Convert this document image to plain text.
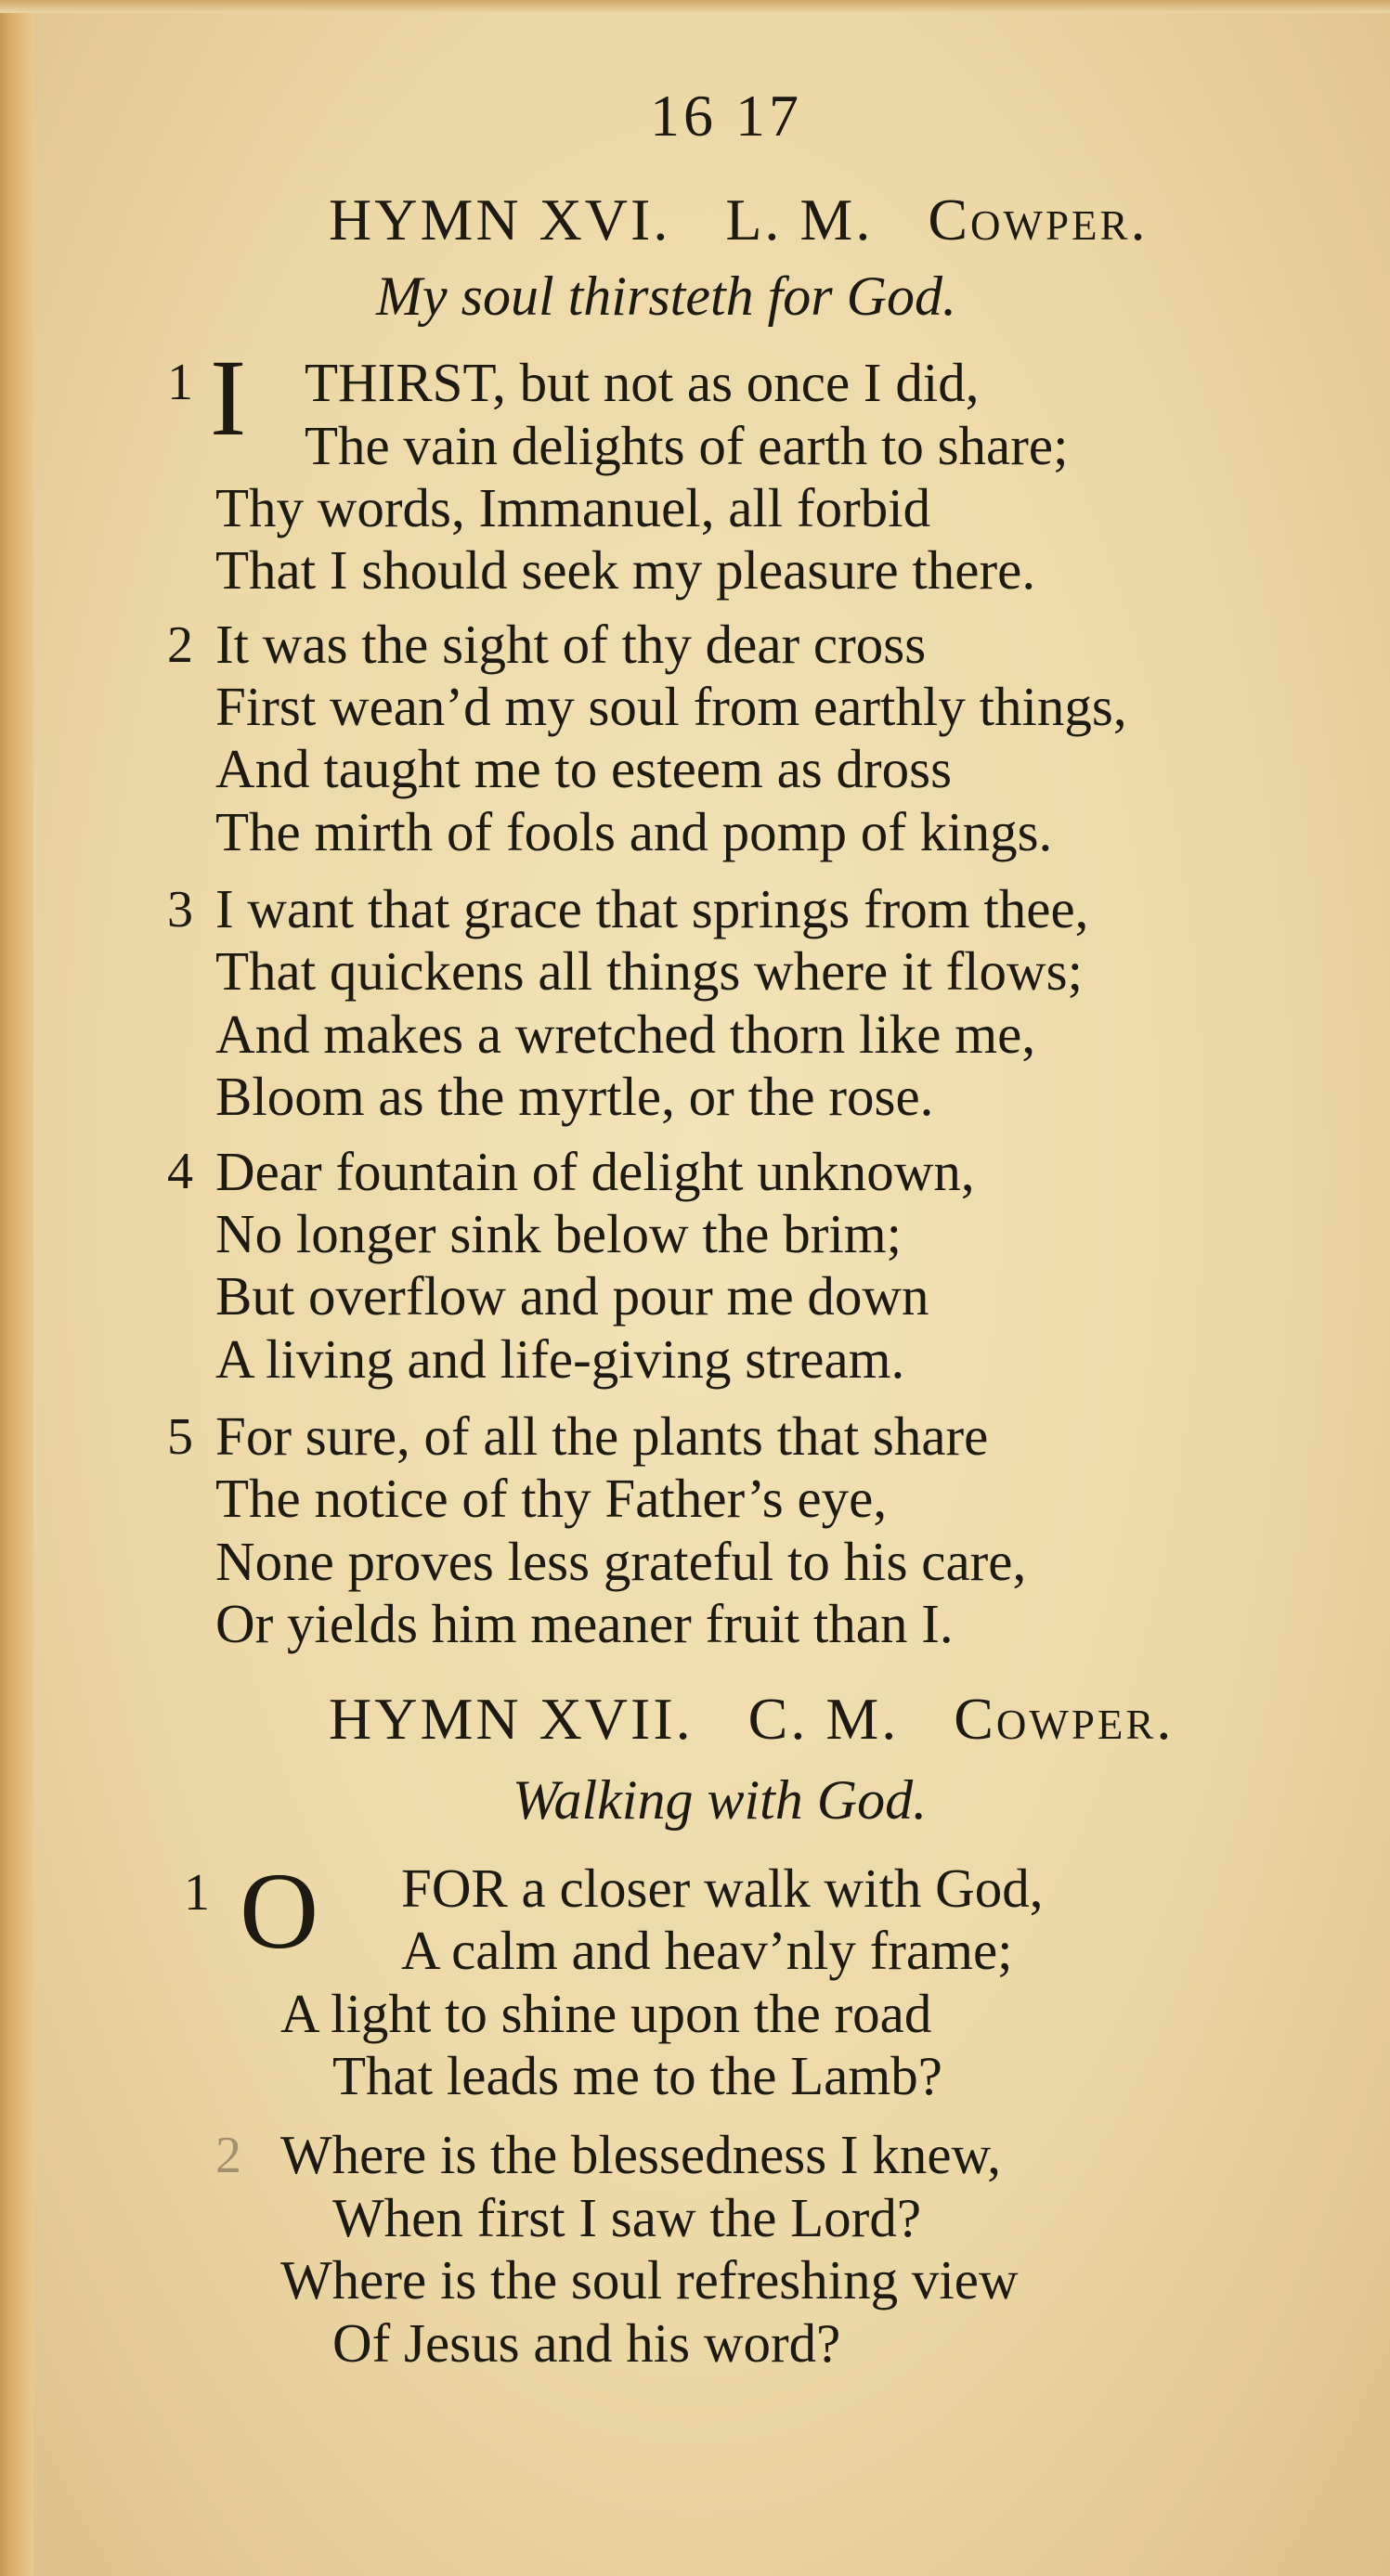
16 17
HYMN XVI. L. M. Cowper.
My soul thirsteth for God.
1 I THIRST, but not as once I did,
The vain delights of earth to share;
Thy words, Immanuel, all forbid
That I should seek my pleasure there.
2 It was the sight of thy dear cross
First wean’d my soul from earthly things,
And taught me to esteem as dross
The mirth of fools and pomp of kings.
3 I want that grace that springs from thee,
That quickens all things where it flows;
And makes a wretched thorn like me,
Bloom as the myrtle, or the rose.
4 Dear fountain of delight unknown,
No longer sink below the brim;
But overflow and pour me down
A living and life-giving stream.
5 For sure, of all the plants that share
The notice of thy Father’s eye,
None proves less grateful to his care,
Or yields him meaner fruit than I.
HYMN XVII. C. M. Cowper.
Walking with God.
1 O FOR a closer walk with God,
A calm and heav’nly frame;
A light to shine upon the road
That leads me to the Lamb?
2 Where is the blessedness I knew,
When first I saw the Lord?
Where is the soul refreshing view
Of Jesus and his word?
